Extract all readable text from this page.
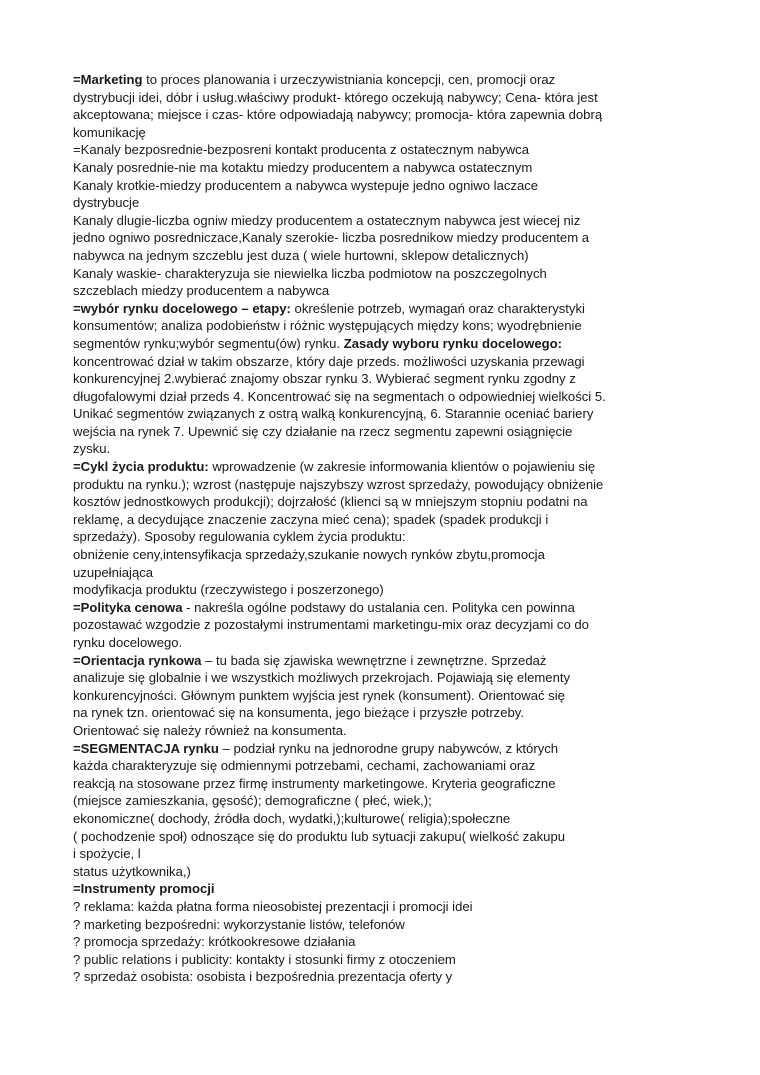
=Marketing to proces planowania i urzeczywistniania koncepcji, cen, promocji oraz
dystrybucji idei, dóbr i usług.właściwy produkt- którego oczekują nabywcy; Cena- która jest
akceptowana; miejsce i czas- które odpowiadają nabywcy; promocja- która zapewnia dobrą
komunikację
=Kanaly bezposrednie-bezposreni kontakt producenta z ostatecznym nabywca
Kanaly posrednie-nie ma kotaktu miedzy producentem a nabywca ostatecznym
Kanaly krotkie-miedzy producentem a nabywca wystepuje jedno ogniwo laczace
dystrybucje
Kanaly dlugie-liczba ogniw miedzy producentem a ostatecznym nabywca jest wiecej niz
jedno ogniwo posredniczace,Kanaly szerokie- liczba posrednikow miedzy producentem a
nabywca na jednym szczeblu jest duza ( wiele hurtowni, sklepow detalicznych)
Kanaly waskie- charakteryzuja sie niewielka liczba podmiotow na poszczegolnych
szczeblach miedzy producentem a nabywca
=wybór rynku docelowego – etapy: określenie potrzeb, wymagań oraz charakterystyki
konsumentów; analiza podobieństw i różnic występujących między kons; wyodrębnienie
segmentów rynku;wybór segmentu(ów) rynku. Zasady wyboru rynku docelowego:
koncentrować dział w takim obszarze, który daje przeds. możliwości uzyskania przewagi
konkurencyjnej 2.wybierać znajomy obszar rynku 3. Wybierać segment rynku zgodny z
długofalowymi dział przeds 4. Koncentrować się na segmentach o odpowiedniej wielkości 5.
Unikać segmentów związanych z ostrą walką konkurencyjną, 6. Starannie oceniać bariery
wejścia na rynek 7. Upewnić się czy działanie na rzecz segmentu zapewni osiągnięcie
zysku.
=Cykl życia produktu: wprowadzenie (w zakresie informowania klientów o pojawieniu się
produktu na rynku.); wzrost (następuje najszybszy wzrost sprzedaży, powodujący obniżenie
kosztów jednostkowych produkcji); dojrzałość (klienci są w mniejszym stopniu podatni na
reklamę, a decydujące znaczenie zaczyna mieć cena); spadek (spadek produkcji i
sprzedaży). Sposoby regulowania cyklem życia produktu:
obniżenie ceny,intensyfikacja sprzedaży,szukanie nowych rynków zbytu,promocja
uzupełniająca
modyfikacja produktu (rzeczywistego i poszerzonego)
=Polityka cenowa - nakreśla ogólne podstawy do ustalania cen. Polityka cen powinna
pozostawać wzgodzie z pozostałymi instrumentami marketingu-mix oraz decyzjami co do
rynku docelowego.
=Orientacja rynkowa – tu bada się zjawiska wewnętrzne i zewnętrzne. Sprzedaż
analizuje się globalnie i we wszystkich możliwych przekrojach. Pojawiają się elementy
konkurencyjności. Głównym punktem wyjścia jest rynek (konsument). Orientować się
na rynek tzn. orientować się na konsumenta, jego bieżące i przyszłe potrzeby.
Orientować się należy również na konsumenta.
=SEGMENTACJA rynku – podział rynku na jednorodne grupy nabywców, z których
każda charakteryzuje się odmiennymi potrzebami, cechami, zachowaniami oraz
reakcją na stosowane przez firmę instrumenty marketingowe. Kryteria geograficzne
(miejsce zamieszkania, gęsość); demograficzne ( płeć, wiek,);
ekonomiczne( dochody, źródła doch, wydatki,);kulturowe( religia);społeczne
( pochodzenie społ) odnoszące się do produktu lub sytuacji zakupu( wielkość zakupu
i spożycie, l
status użytkownika,)
=Instrumenty promocji
? reklama: każda płatna forma nieosobistej prezentacji i promocji idei
? marketing bezpośredni: wykorzystanie listów, telefonów
? promocja sprzedaży: krótkookresowe działania
? public relations i publicity: kontakty i stosunki firmy z otoczeniem
? sprzedaż osobista: osobista i bezpośrednia prezentacja oferty y
